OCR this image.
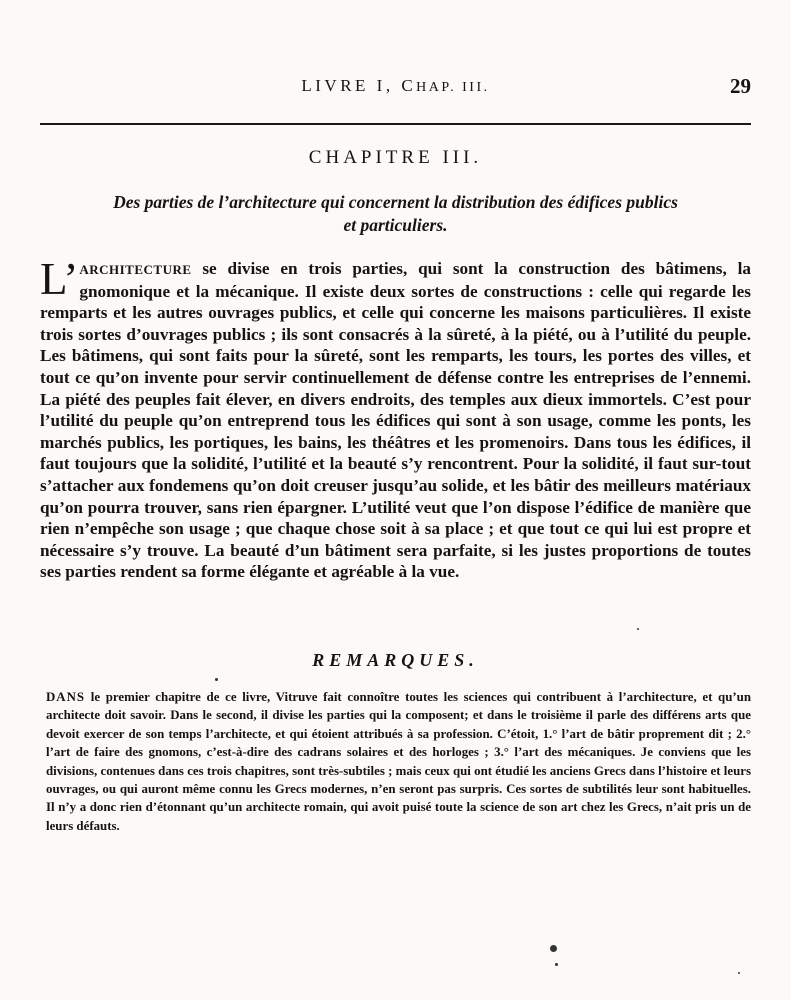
LIVRE I, CHAP. III.	29
CHAPITRE III.
Des parties de l’architecture qui concernent la distribution des édifices publics
et particuliers.

L’ ARCHITECTURE se divise en trois parties, qui sont la construction des bâtimens, la gnomonique et la mécanique. Il existe deux sortes de constructions : celle qui regarde les remparts et les autres ouvrages publics, et celle qui concerne les maisons particulières. Il existe trois sortes d’ouvrages publics ; ils sont consacrés à la sûreté, à la piété, ou à l’utilité du peuple. Les bâtimens, qui sont faits pour la sûreté, sont les remparts, les tours, les portes des villes, et tout ce qu’on invente pour servir continuellement de défense contre les entreprises de l’ennemi. La piété des peuples fait élever, en divers endroits, des temples aux dieux immortels. C’est pour l’utilité du peuple qu’on entreprend tous les édifices qui sont à son usage, comme les ponts, les marchés publics, les portiques, les bains, les théâtres et les promenoirs. Dans tous les édifices, il faut toujours que la solidité, l’utilité et la beauté s’y rencontrent. Pour la solidité, il faut sur-tout s’attacher aux fondemens qu’on doit creuser jusqu’au solide, et les bâtir des meilleurs matériaux qu’on pourra trouver, sans rien épargner. L’utilité veut que l’on dispose l’édifice de manière que rien n’empêche son usage ; que chaque chose soit à sa place ; et que tout ce qui lui est propre et nécessaire s’y trouve. La beauté d’un bâtiment sera parfaite, si les justes proportions de toutes ses parties rendent sa forme élégante et agréable à la vue.

REMARQUES.

DANS le premier chapitre de ce livre, Vitruve fait connoître toutes les sciences qui contribuent à l’architecture, et qu’un architecte doit savoir. Dans le second, il divise les parties qui la composent; et dans le troisième il parle des différens arts que devoit exercer de son temps l’architecte, et qui étoient attribués à sa profession. C’étoit, 1.° l’art de bâtir proprement dit ; 2.° l’art de faire des gnomons, c’est-à-dire des cadrans solaires et des horloges ; 3.° l’art des mécaniques. Je conviens que les divisions, contenues dans ces trois chapitres, sont très-subtiles ; mais ceux qui ont étudié les anciens Grecs dans l’histoire et leurs ouvrages, ou qui auront même connu les Grecs modernes, n’en seront pas surpris. Ces sortes de subtilités leur sont habituelles. Il n’y a donc rien d’étonnant qu’un architecte romain, qui avoit puisé toute la science de son art chez les Grecs, n’ait pris un de leurs défauts.
